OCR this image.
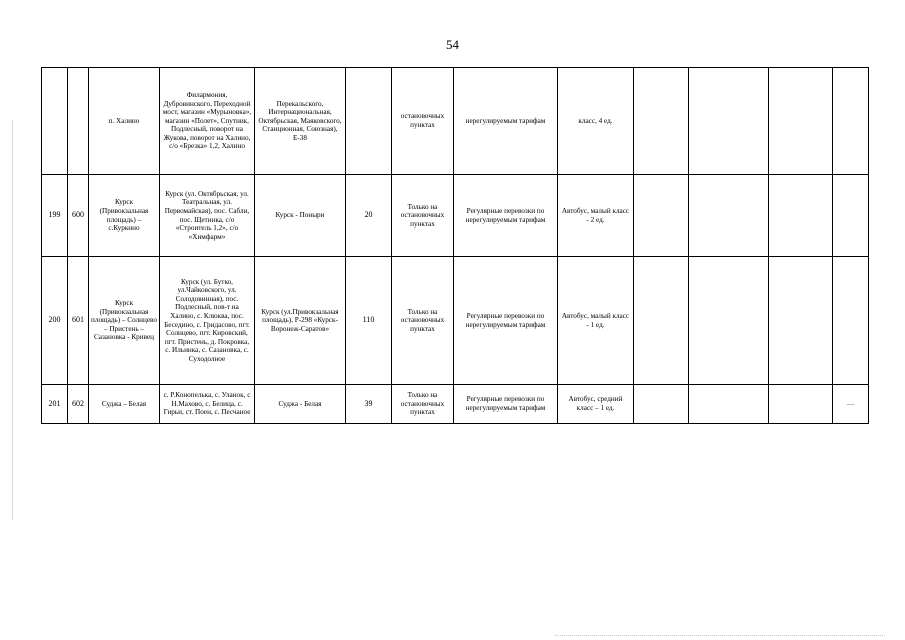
54
		п. Халино	Филармония, Дубровинского, Переходной мост, магазин «Мурыновка», магазин «Полет», Спутник, Подлесный, поворот на Жукова, поворот на Халино, с/о «Брезка» 1,2, Халино	Перекальского, Интернациональная, Октябрьская, Маяковского, Станционная, Союзная), Е-38		остановочных пунктах	нерегулируемым тарифам	класс, 4 ед.				
199	600	Курск (Привокзальная площадь) – с.Куркино	Курск (ул. Октябрьская, ул. Театральная, ул. Первомайская), пос. Сабли, пос. Щетинка, с/о «Строитель 1,2», с/о «Химфарм»	Курск - Поныри	20	Только на остановочных пунктах	Регулярные перевозки по нерегулируемым тарифам	Автобус, малый класс - 2 ед.				
200	601	Курск (Привокзальная площадь) – Солнцево – Пристень – Сазановка - Кривец	Курск (ул. Бутко, ул.Чайковского, ул. Солодовинная), пос. Подлесный, пов-т на Халино, с. Клюква, пос. Беседино, с. Гридасово, пгт. Солнцево, пгт. Кировский, пгт. Пристень, д. Покровка, с. Ильинка, с. Сазановка, с. Суходолное	Курск (ул.Привокзальная площадь), Р-298 «Курск-Воронеж-Саратов»	110	Только на остановочных пунктах	Регулярные перевозки по нерегулируемым тарифам	Автобус, малый класс - 1 ед.				
201	602	Суджа – Белая	с. Р.Конопелька, с. Уланок, с Н.Махово, с. Белица, с. Гирьи, ст. Поен, с. Песчаное	Суджа - Белая	39	Только на остановочных пунктах	Регулярные перевозки по нерегулируемым тарифам	Автобус, средний класс – 1 ед.				—
